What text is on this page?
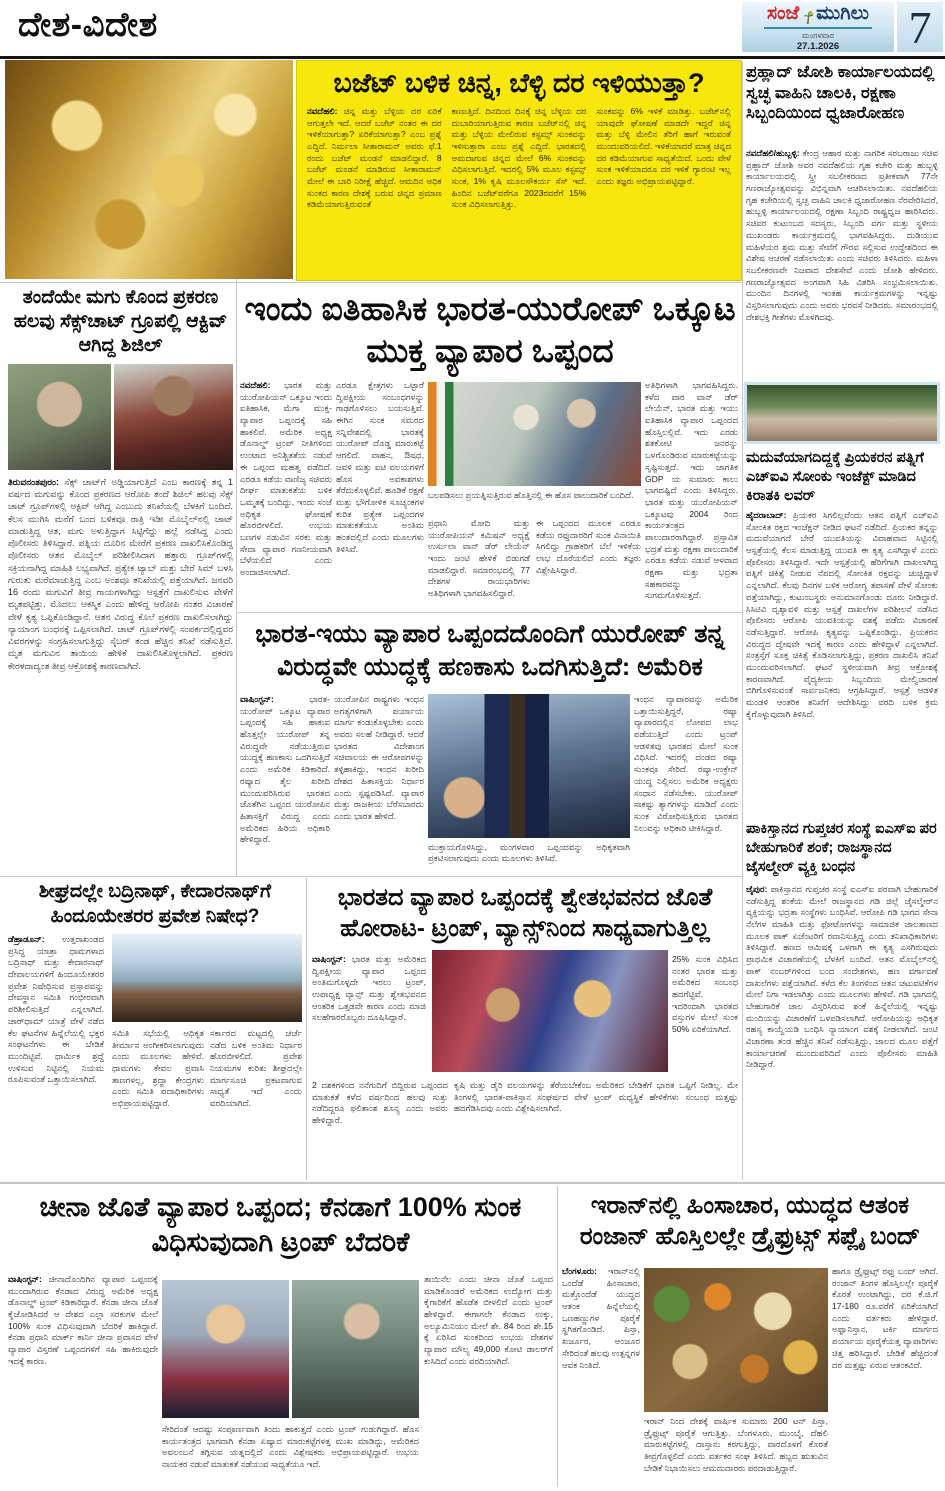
ದೇಶ-ವಿದೇಶ	ಸಂಜೆ ಮುಗಿಲು
ಮಂಗಳವಾರ
27.1.2026 7
ಬಜೆಟ್ ಬಳಿಕ ಚಿನ್ನ, ಬೆಳ್ಳಿ ದರ ಇಳಿಯುತ್ತಾ?
ನವದೆಹಲಿ: ಚಿನ್ನ ಮತ್ತು ಬೆಳ್ಳಿಯ ದರ ಏರಿಕೆ ಆಗುತ್ತಲೇ ಇದೆ. ಆದರೆ ಬಜೆಟ್ ನಂತರ ಈ ದರ ಇಳಿಕೆಯಾಗುತ್ತಾ? ಏರಿಕೆಯಾಗುತ್ತಾ? ಎಂಬ ಪ್ರಶ್ನೆ ಎದ್ದಿದೆ. ನಿರ್ಮಲಾ ಸೀತಾರಾಮನ್ ಅವರು ಫೆ.1 ರಂದು ಬಜೆಟ್ ಮಂಡನೆ ಮಾಡಲಿದ್ದಾರೆ. 8 ಬಜೆಟ್ ಮಂಡನೆ ಮಾಡಿರುವ ಸೀತಾರಾಮನ್ ಮೇಲೆ ಈ ಬಾರಿ ನಿರೀಕ್ಷೆ ಹೆಚ್ಚಿದೆ. ಆಮದಿನ ಅಧಿಕ ಸುಂಕದ ಕಾರಣ ದೇಶಕ್ಕೆ ಬರುವ ಚಿನ್ನದ ಪ್ರಮಾಣ ಕಡಿಮೆಯಾಗುತ್ತಿರುವಂತೆ
ಕಾಣುತ್ತಿದೆ. ದಿನದಿಂದ ದಿನಕ್ಕೆ ಚಿನ್ನ ಬೆಳ್ಳಿಯ ದರ ದುಬಾರಿಯಾಗುತ್ತಿರುವ ಕಾರಣ ಬಜೆಟ್‌ನಲ್ಲಿ ಚಿನ್ನ ಮತ್ತು ಬೆಳ್ಳಿಯ ಮೇಲಿರುವ ಕಸ್ಟಮ್ಸ್ ಸುಂಕವನ್ನು ಇಳಿಸುತ್ತಾರಾ ಎಂಬ ಪ್ರಶ್ನೆ ಎದ್ದಿದೆ. ಭಾರತದಲ್ಲಿ ಆಮದಾಗುವ ಚಿನ್ನದ ಮೇಲೆ 6% ಸುಂಕವನ್ನು ವಿಧಿಸಲಾಗುತ್ತಿದೆ. ಇದರಲ್ಲಿ 5% ಮೂಲ ಕಸ್ಟಮ್ಸ್ ಸುಂಕ, 1% ಕೃಷಿ ಮೂಲಸೌಕರ್ಯ ಸೆಸ್ ಇದೆ. ಹಿಂದಿನ ಬಜೆಟ್‌ವರೆಗೂ 2023ರವರೆಗೆ 15% ಸುಂಕ ವಿಧಿಸಲಾಗುತ್ತಿತ್ತು.
ಸುಂಕವನ್ನು 6% ಇಳಿಕೆ ಮಾಡಿತ್ತು. ಬಜೆಟ್‌ನಲ್ಲಿ ಯಾವುದೇ ಘೋಷಣೆ ಮಾಡದೇ ಇದ್ದರೆ ಚಿನ್ನ ಮತ್ತು ಬೆಳ್ಳಿ ಮೇಲಿನ ತೆರಿಗೆ ಹಾಗೆ ಇರುವಂತೆ ಮುಂದುವರಿಯಲಿದೆ. ಇಳಿಕೆಯಾದರೆ ಮಾತ್ರ ಚಿನ್ನದ ದರ ಕಡಿಮೆಯಾಗುವ ಸಾಧ್ಯತೆಯಿದೆ. ಒಂದು ವೇಳೆ ಸುಂಕ ಇಳಿಕೆಯಾದರೂ ದರ ಇಳಿಕೆ ಗ್ಯಾರಂಟಿ ಇಲ್ಲ ಎಂದು ತಜ್ಞರು ಅಭಿಪ್ರಾಯಪಟ್ಟಿದ್ದಾರೆ.
ಪ್ರಹ್ಲಾದ್ ಜೋಶಿ ಕಾರ್ಯಾಲಯದಲ್ಲಿ ಸ್ವಚ್ಛ ವಾಹಿನಿ ಚಾಲಕಿ, ರಕ್ಷಣಾ ಸಿಬ್ಬಂದಿಯಿಂದ ಧ್ವಜಾರೋಹಣ
ನವದೆಹಲಿ/ಹುಬ್ಬಳ್ಳಿ: ಕೇಂದ್ರ ಆಹಾರ ಮತ್ತು ನಾಗರಿಕ ಸರಬರಾಜು ಸಚಿವ ಪ್ರಹ್ಲಾದ್ ಜೋಶಿ ಅವರ ನವದೆಹಲಿಯ ಗೃಹ ಕಚೇರಿ ಮತ್ತು ಹುಬ್ಬಳ್ಳಿ ಕಾರ್ಯಾಲಯದಲ್ಲಿ ಸ್ತ್ರೀ ಸಬಲೀಕರಣದ ಪ್ರತೀಕವಾಗಿ 77ನೇ ಗಣರಾಜ್ಯೋತ್ಸವವನ್ನು ವಿಭಿನ್ನವಾಗಿ ಆಚರಿಸಲಾಯಿತು. ನವದೆಹಲಿಯ ಗೃಹ ಕಚೇರಿಯಲ್ಲಿ ಸ್ವಚ್ಛ ವಾಹಿನಿ ಚಾಲಕಿ ಧ್ವಜಾರೋಹಣ ನೆರವೇರಿಸಿದರೆ, ಹುಬ್ಬಳ್ಳಿ ಕಾರ್ಯಾಲಯದಲ್ಲಿ ರಕ್ಷಣಾ ಸಿಬ್ಬಂದಿ ರಾಷ್ಟ್ರಧ್ವಜ ಹಾರಿಸಿದರು. ಸಚಿವರ ಕುಟುಂಬದ ಸದಸ್ಯರು, ಸಿಬ್ಬಂದಿ ವರ್ಗ ಮತ್ತು ಸ್ಥಳೀಯ ಮುಖಂಡರು ಕಾರ್ಯಕ್ರಮದಲ್ಲಿ ಭಾಗವಹಿಸಿದ್ದರು. ದುಡಿಯುವ ಮಹಿಳೆಯರ ಶ್ರಮ ಮತ್ತು ಸೇವೆಗೆ ಗೌರವ ಸಲ್ಲಿಸುವ ಉದ್ದೇಶದಿಂದ ಈ ವಿಶೇಷ ಆಚರಣೆ ನಡೆಸಲಾಯಿತು ಎಂದು ಸಚಿವರು ತಿಳಿಸಿದರು. ಮಹಿಳಾ ಸಬಲೀಕರಣವೇ ನಿಜವಾದ ದೇಶಸೇವೆ ಎಂದು ಜೋಶಿ ಹೇಳಿದರು. ಗಣರಾಜ್ಯೋತ್ಸವದ ಅಂಗವಾಗಿ ಸಿಹಿ ವಿತರಿಸಿ ಸಂಭ್ರಮಿಸಲಾಯಿತು. ಮುಂದಿನ ದಿನಗಳಲ್ಲಿ ಇಂತಹ ಕಾರ್ಯಕ್ರಮಗಳನ್ನು ಇನ್ನಷ್ಟು ವಿಸ್ತರಿಸಲಾಗುವುದು ಎಂದು ಅವರು ಭರವಸೆ ನೀಡಿದರು. ಸಮಾರಂಭದಲ್ಲಿ ದೇಶಭಕ್ತಿ ಗೀತೆಗಳು ಮೊಳಗಿದವು.
ಮದುವೆಯಾಗದಿದ್ದಕ್ಕೆ ಪ್ರಿಯಕರನ ಪತ್ನಿಗೆ ಎಚ್‌ಐವಿ ಸೋಂಕು ಇಂಜೆಕ್ಟ್ ಮಾಡಿದ ಕಿರಾತಕಿ ಲವರ್
ಹೈದರಾಬಾದ್: ಪ್ರಿಯಕರ ಸಿಗಲಿಲ್ಲವೆಂದು ಆತನ ಪತ್ನಿಗೆ ಎಚ್‌ಐವಿ ಸೋಂಕಿತ ರಕ್ತದ ಇಂಜೆಕ್ಷನ್ ನೀಡಿದ ಘಟನೆ ನಡೆದಿದೆ. ಪ್ರಿಯಕರ ತನ್ನನ್ನು ಮದುವೆಯಾಗದೆ ಬೇರೆ ಯುವತಿಯನ್ನು ವಿವಾಹವಾದ ಸಿಟ್ಟಿನಲ್ಲಿ ಆಸ್ಪತ್ರೆಯಲ್ಲಿ ಕೆಲಸ ಮಾಡುತ್ತಿದ್ದ ಯುವತಿ ಈ ಕೃತ್ಯ ಎಸಗಿದ್ದಾಳೆ ಎಂದು ಪೊಲೀಸರು ತಿಳಿಸಿದ್ದಾರೆ. ಇದೇ ಆಸ್ಪತ್ರೆಯಲ್ಲಿ ಹೆರಿಗೆಗಾಗಿ ದಾಖಲಾಗಿದ್ದ ಪತ್ನಿಗೆ ಚಿಕಿತ್ಸೆ ನೀಡುವ ನೆಪದಲ್ಲಿ ಸೋಂಕಿತ ರಕ್ತವನ್ನು ಚುಚ್ಚಿದ್ದಾಳೆ ಎನ್ನಲಾಗಿದೆ. ಕೆಲವು ದಿನಗಳ ಬಳಿಕ ಆರೋಗ್ಯ ತಪಾಸಣೆ ವೇಳೆ ಸೋಂಕು ಪತ್ತೆಯಾಗಿದ್ದು, ಕುಟುಂಬಸ್ಥರು ಅನುಮಾನಗೊಂಡು ದೂರು ನೀಡಿದ್ದಾರೆ. ಸಿಸಿಟಿವಿ ದೃಶ್ಯಾವಳಿ ಮತ್ತು ಆಸ್ಪತ್ರೆ ದಾಖಲೆಗಳ ಪರಿಶೀಲನೆ ನಡೆಸಿದ ಪೊಲೀಸರು ಆರೋಪಿ ಯುವತಿಯನ್ನು ವಶಕ್ಕೆ ಪಡೆದು ವಿಚಾರಣೆ ನಡೆಸುತ್ತಿದ್ದಾರೆ. ಆರೋಪಿ ಕೃತ್ಯವನ್ನು ಒಪ್ಪಿಕೊಂಡಿದ್ದು, ಪ್ರಿಯಕರನ ವಿರುದ್ಧದ ದ್ವೇಷವೇ ಇದಕ್ಕೆ ಕಾರಣ ಎಂದು ಹೇಳಿದ್ದಾಳೆ ಎನ್ನಲಾಗಿದೆ. ಸಂತ್ರಸ್ತೆಗೆ ಸೂಕ್ತ ಚಿಕಿತ್ಸೆ ಕೊಡಿಸಲಾಗುತ್ತಿದ್ದು, ಪ್ರಕರಣ ದಾಖಲಿಸಿ ತನಿಖೆ ಮುಂದುವರಿಸಲಾಗಿದೆ. ಘಟನೆ ಸ್ಥಳೀಯವಾಗಿ ತೀವ್ರ ಆಕ್ರೋಶಕ್ಕೆ ಕಾರಣವಾಗಿದೆ. ವೈದ್ಯಕೀಯ ಸಿಬ್ಬಂದಿಯ ಮೇಲ್ವಿಚಾರಣೆ ಬಿಗಿಗೊಳಿಸುವಂತೆ ಸಾರ್ವಜನಿಕರು ಆಗ್ರಹಿಸಿದ್ದಾರೆ. ಆಸ್ಪತ್ರೆ ಆಡಳಿತ ಮಂಡಳಿ ಆಂತರಿಕ ತನಿಖೆಗೆ ಆದೇಶಿಸಿದ್ದು ವರದಿ ಬಳಿಕ ಕ್ರಮ ಕೈಗೊಳ್ಳುವುದಾಗಿ ತಿಳಿಸಿದೆ.
ಪಾಕಿಸ್ತಾನದ ಗುಪ್ತಚರ ಸಂಸ್ಥೆ ಐಎಸ್‌ಐ ಪರ ಬೇಹುಗಾರಿಕೆ ಶಂಕೆ; ರಾಜಸ್ಥಾನದ ಜೈಸಲ್ಮೇರ್ ವ್ಯಕ್ತಿ ಬಂಧನ
ಜೈಪುರ: ಪಾಕಿಸ್ತಾನದ ಗುಪ್ತಚರ ಸಂಸ್ಥೆ ಐಎಸ್‌ಐ ಪರವಾಗಿ ಬೇಹುಗಾರಿಕೆ ನಡೆಸುತ್ತಿದ್ದ ಶಂಕೆಯ ಮೇಲೆ ರಾಜಸ್ಥಾನದ ಗಡಿ ಜಿಲ್ಲೆ ಜೈಸಲ್ಮೇರ್‌ನ ವ್ಯಕ್ತಿಯನ್ನು ಭದ್ರತಾ ಸಂಸ್ಥೆಗಳು ಬಂಧಿಸಿವೆ. ಆರೋಪಿ ಗಡಿ ಭಾಗದ ಸೇನಾ ನೆಲೆಗಳ ಮಾಹಿತಿ ಮತ್ತು ಫೋಟೋಗಳನ್ನು ಸಾಮಾಜಿಕ ಜಾಲತಾಣದ ಮೂಲಕ ಪಾಕ್ ಏಜೆಂಟರಿಗೆ ರವಾನಿಸುತ್ತಿದ್ದ ಎಂದು ತನಿಖಾಧಿಕಾರಿಗಳು ತಿಳಿಸಿದ್ದಾರೆ. ಹಣದ ಆಮಿಷಕ್ಕೆ ಒಳಗಾಗಿ ಈ ಕೃತ್ಯ ಎಸಗಿರುವುದು ಪ್ರಾಥಮಿಕ ವಿಚಾರಣೆಯಲ್ಲಿ ಬೆಳಕಿಗೆ ಬಂದಿದೆ. ಆತನ ಮೊಬೈಲ್‌ನಲ್ಲಿ ಪಾಕ್ ನಂಬರ್‌ಗಳಿಂದ ಬಂದ ಸಂದೇಶಗಳು, ಹಣ ವರ್ಗಾವಣೆ ದಾಖಲೆಗಳು ಪತ್ತೆಯಾಗಿವೆ. ಕಳೆದ ಕೆಲ ತಿಂಗಳಿಂದ ಆತನ ಚಟುವಟಿಕೆಗಳ ಮೇಲೆ ನಿಗಾ ಇಡಲಾಗಿತ್ತು ಎಂದು ಮೂಲಗಳು ಹೇಳಿವೆ. ಗಡಿ ಭಾಗದಲ್ಲಿ ಬೇಹುಗಾರಿಕೆ ಜಾಲ ವಿಸ್ತರಿಸಿರುವ ಶಂಕೆ ಹಿನ್ನೆಲೆಯಲ್ಲಿ ಇನ್ನಷ್ಟು ಮಂದಿಯನ್ನು ವಿಚಾರಣೆಗೆ ಒಳಪಡಿಸಲಾಗಿದೆ. ಆರೋಪಿಯನ್ನು ಅಧಿಕೃತ ರಹಸ್ಯ ಕಾಯ್ದೆಯಡಿ ಬಂಧಿಸಿ ನ್ಯಾಯಾಂಗ ವಶಕ್ಕೆ ನೀಡಲಾಗಿದೆ. ಜಂಟಿ ವಿಚಾರಣಾ ತಂಡ ಹೆಚ್ಚಿನ ತನಿಖೆ ನಡೆಸುತ್ತಿದ್ದು, ಜಾಲದ ಮೂಲ ಪತ್ತೆಗೆ ಕಾರ್ಯಾಚರಣೆ ಮುಂದುವರಿದಿದೆ ಎಂದು ಪೊಲೀಸರು ಮಾಹಿತಿ ನೀಡಿದ್ದಾರೆ.
ತಂದೆಯೇ ಮಗು ಕೊಂದ ಪ್ರಕರಣ ಹಲವು ಸೆಕ್ಸ್‌ಚಾಟ್ ಗ್ರೂಪಲ್ಲಿ ಆಕ್ಟಿವ್ ಆಗಿದ್ದ ಶಿಜಿಲ್
ತಿರುವನಂತಪುರಂ: ಸೆಕ್ಸ್ ಚಾಟ್‌ಗೆ ಅಡ್ಡಿಯಾಗುತ್ತಿದೆ ಎಂಬ ಕಾರಣಕ್ಕೆ ತನ್ನ 1 ವರ್ಷದ ಮಗುವನ್ನು ಕೊಂದ ಪ್ರಕರಣದ ಆರೋಪಿ ತಂದೆ ಶಿಜಿಲ್ ಹಲವು ಸೆಕ್ಸ್ ಚಾಟ್ ಗ್ರೂಪ್‌ಗಳಲ್ಲಿ ಆಕ್ಟಿವ್ ಆಗಿದ್ದ ಎಂಬುದು ತನಿಖೆಯಲ್ಲಿ ಬೆಳಕಿಗೆ ಬಂದಿದೆ. ಕೆಲಸ ಮುಗಿಸಿ ಮನೆಗೆ ಬಂದ ಬಳಿಕವೂ ರಾತ್ರಿ ಇಡೀ ಮೊಬೈಲ್‌ನಲ್ಲಿ ಚಾಟ್ ಮಾಡುತ್ತಿದ್ದ ಆತ, ಮಗು ಅಳುತ್ತಿದ್ದಾಗ ಸಿಟ್ಟಿಗೆದ್ದು ಹಲ್ಲೆ ನಡೆಸಿದ್ದ ಎಂದು ಪೊಲೀಸರು ತಿಳಿಸಿದ್ದಾರೆ. ಪತ್ನಿಯ ದೂರಿನ ಮೇರೆಗೆ ಪ್ರಕರಣ ದಾಖಲಿಸಿಕೊಂಡಿದ್ದ ಪೊಲೀಸರು ಆತನ ಮೊಬೈಲ್ ಪರಿಶೀಲಿಸಿದಾಗ ಹತ್ತಾರು ಗ್ರೂಪ್‌ಗಳಲ್ಲಿ ಸಕ್ರಿಯನಾಗಿದ್ದ ಮಾಹಿತಿ ಲಭ್ಯವಾಗಿದೆ. ಪ್ರತ್ಯೇಕ ಟ್ಯಾಬ್ ಮತ್ತು ಬೇರೆ ಸಿಮ್ ಬಳಸಿ ಗುರುತು ಮರೆಮಾಚುತ್ತಿದ್ದ ಎಂಬ ಅಂಶವೂ ತನಿಖೆಯಲ್ಲಿ ಪತ್ತೆಯಾಗಿದೆ. ಜನವರಿ 16 ರಂದು ಮಗುವಿಗೆ ತೀವ್ರ ಗಾಯಗಳಾಗಿದ್ದು ಆಸ್ಪತ್ರೆಗೆ ದಾಖಲಿಸುವ ವೇಳೆಗೆ ಮೃತಪಟ್ಟಿತ್ತು. ಮೊದಲು ಆಕಸ್ಮಿಕ ಎಂದು ಹೇಳಿದ್ದ ಆರೋಪಿ ನಂತರ ವಿಚಾರಣೆ ವೇಳೆ ಕೃತ್ಯ ಒಪ್ಪಿಕೊಂಡಿದ್ದಾನೆ. ಆತನ ವಿರುದ್ಧ ಕೊಲೆ ಪ್ರಕರಣ ದಾಖಲಿಸಲಾಗಿದ್ದು ನ್ಯಾಯಾಂಗ ಬಂಧನಕ್ಕೆ ಒಪ್ಪಿಸಲಾಗಿದೆ. ಚಾಟ್ ಗ್ರೂಪ್‌ಗಳಲ್ಲಿ ಸಂಪರ್ಕದಲ್ಲಿದ್ದವರ ವಿವರಗಳನ್ನು ಸಂಗ್ರಹಿಸಲಾಗುತ್ತಿದ್ದು ಸೈಬರ್ ತಂಡ ಹೆಚ್ಚಿನ ತನಿಖೆ ನಡೆಸುತ್ತಿದೆ. ಮೃತ ಮಗುವಿನ ತಾಯಿಯ ಹೇಳಿಕೆ ದಾಖಲಿಸಿಕೊಳ್ಳಲಾಗಿದೆ. ಪ್ರಕರಣ ಕೇರಳದಾದ್ಯಂತ ತೀವ್ರ ಆಕ್ರೋಶಕ್ಕೆ ಕಾರಣವಾಗಿದೆ.
ಇಂದು ಐತಿಹಾಸಿಕ ಭಾರತ-ಯುರೋಪ್ ಒಕ್ಕೂಟ ಮುಕ್ತ ವ್ಯಾಪಾರ ಒಪ್ಪಂದ
ನವದೆಹಲಿ: ಭಾರತ ಮತ್ತು ಯುರೋಪಿಯನ್ ಒಕ್ಕೂಟ ಇಂದು ಐತಿಹಾಸಿಕ, ಮೆಗಾ ಮುಕ್ತ-ವ್ಯಾಪಾರ ಒಪ್ಪಂದಕ್ಕೆ ಸಹಿ ಹಾಕಲಿವೆ. ಅಮೆರಿಕ ಅಧ್ಯಕ್ಷ ಡೊನಾಲ್ಡ್ ಟ್ರಂಪ್ ನೀತಿಗಳಿಂದ ಉಂಟಾದ ಅನಿಶ್ಚಿತತೆಯ ನಡುವೆ ಈ ಒಪ್ಪಂದ ಮಹತ್ವ ಪಡೆದಿದೆ. ಎರಡೂ ಕಡೆಯ ವಾಣಿಜ್ಯ ಸಚಿವರು ದೀರ್ಘ ಮಾತುಕತೆಯ ಬಳಿಕ ಒಮ್ಮತಕ್ಕೆ ಬಂದಿದ್ದು, ಇಂದು ಸಂಜೆ ಅಧಿಕೃತ ಘೋಷಣೆ ಹೊರಬೀಳಲಿದೆ. ಉಭಯ ಬಣಗಳ ನಡುವಿನ ಸರಕು ಮತ್ತು ಸೇವಾ ವ್ಯಾಪಾರ ಗಣನೀಯವಾಗಿ ಬೆಳೆಯಲಿದೆ ಎಂದು ಅಂದಾಜಿಸಲಾಗಿದೆ.
ಎರಡೂ ಕ್ಷೇತ್ರಗಳು ಒಟ್ಟಾರೆ ದ್ವಿಪಕ್ಷೀಯ ಸಂಬಂಧಗಳನ್ನು ಗಾಢಗೊಳಿಸಲು ಬಯಸುತ್ತಿವೆ. ಈಗಿನ ಸುಂಕ ಸಮರದ ಸನ್ನಿವೇಶದಲ್ಲಿ ಭಾರತಕ್ಕೆ ಯುರೋಪ್ ದೊಡ್ಡ ಮಾರುಕಟ್ಟೆ ಆಗಲಿದೆ. ವಾಹನ, ಔಷಧ, ಜವಳಿ ಮತ್ತು ಐಟಿ ವಲಯಗಳಿಗೆ ಹೊಸ ಅವಕಾಶಗಳು ತೆರೆದುಕೊಳ್ಳಲಿವೆ. ಹೂಡಿಕೆ ರಕ್ಷಣೆ ಮತ್ತು ಭೌಗೋಳಿಕ ಸೂಚ್ಯಂಕಗಳ ಕುರಿತ ಪ್ರತ್ಯೇಕ ಒಪ್ಪಂದಗಳ ಮಾತುಕತೆಯೂ ಅಂತಿಮ ಹಂತದಲ್ಲಿದೆ ಎಂದು ಮೂಲಗಳು ತಿಳಿಸಿವೆ.
ಬಲಪಡಿಸಲು ಪ್ರಯತ್ನಿಸುತ್ತಿರುವ ಹೊತ್ತಿನಲ್ಲಿ ಈ ಹೊಸ ಪಾಲುದಾರಿಕೆ ಬಂದಿದೆ.
ಪ್ರಧಾನಿ ಮೋದಿ ಮತ್ತು ಯುರೋಪಿಯನ್ ಕಮಿಷನ್ ಅಧ್ಯಕ್ಷೆ ಉರ್ಸುಲಾ ವಾನ್ ಡೆರ್ ಲೇಯೆನ್ ಇಂದು ಜಂಟಿ ಹೇಳಿಕೆ ಬಿಡುಗಡೆ ಮಾಡಲಿದ್ದಾರೆ. ಸಮಾರಂಭದಲ್ಲಿ 77 ದೇಶಗಳ ರಾಯಭಾರಿಗಳು ಅತಿಥಿಗಳಾಗಿ ಭಾಗವಹಿಸಲಿದ್ದಾರೆ.
ಈ ಒಪ್ಪಂದದ ಮೂಲಕ ಎರಡೂ ಕಡೆಯ ರಫ್ತುದಾರರಿಗೆ ಸುಂಕ ವಿನಾಯಿತಿ ಸಿಗಲಿದ್ದು ಗ್ರಾಹಕರಿಗೆ ಬೆಲೆ ಇಳಿಕೆಯ ಲಾಭ ದೊರೆಯಲಿದೆ ಎಂದು ತಜ್ಞರು ವಿಶ್ಲೇಷಿಸಿದ್ದಾರೆ.
ಅತಿಥಿಗಳಾಗಿ ಭಾಗವಹಿಸಿದ್ದರು. ಕಳೆದ ವಾರ ವಾನ್ ಡೆರ್ ಲೇಯೆನ್, ಭಾರತ ಮತ್ತು ಇಯು ಐತಿಹಾಸಿಕ ವ್ಯಾಪಾರ ಒಪ್ಪಂದದ ಹೊಸ್ತಿಲಲ್ಲಿವೆ. ಇದು ಎರಡು ಶತಕೋಟಿ ಜನರನ್ನು ಒಳಗೊಂಡಿರುವ ಮಾರುಕಟ್ಟೆಯನ್ನು ಸೃಷ್ಟಿಸುತ್ತದೆ. ಇದು ಜಾಗತಿಕ GDP ಯ ಸುಮಾರು ಕಾಲು ಭಾಗದಷ್ಟಿದೆ ಎಂದು ತಿಳಿಸಿದ್ದರು. ಭಾರತ ಮತ್ತು ಯುರೋಪಿಯನ್ ಒಕ್ಕೂಟವು 2004 ರಿಂದ ಕಾರ್ಯತಂತ್ರದ ಪಾಲುದಾರರಾಗಿದ್ದಾರೆ. ಪ್ರಸ್ತಾವಿತ ಭದ್ರತೆ ಮತ್ತು ರಕ್ಷಣಾ ಪಾಲುದಾರಿಕೆ ಎರಡೂ ಕಡೆಯ ನಡುವೆ ಆಳವಾದ ರಕ್ಷಣಾ ಮತ್ತು ಭದ್ರತಾ ಸಹಕಾರವನ್ನು ಸುಗಮಗೊಳಿಸುತ್ತದೆ.
ಭಾರತ-ಇಯು ವ್ಯಾಪಾರ ಒಪ್ಪಂದದೊಂದಿಗೆ ಯುರೋಪ್ ತನ್ನ ವಿರುದ್ಧವೇ ಯುದ್ಧಕ್ಕೆ ಹಣಕಾಸು ಒದಗಿಸುತ್ತಿದೆ: ಅಮೆರಿಕ
ವಾಷಿಂಗ್ಟನ್:	ಭಾರತ-ಯುರೋಪ್ ಒಕ್ಕೂಟ ವ್ಯಾಪಾರ ಒಪ್ಪಂದಕ್ಕೆ ಸಹಿ ಹಾಕುವ ಹೊತ್ತಲ್ಲೇ ಯುರೋಪ್ ತನ್ನ ವಿರುದ್ಧವೇ ನಡೆಯುತ್ತಿರುವ ಯುದ್ಧಕ್ಕೆ ಹಣಕಾಸು ಒದಗಿಸುತ್ತಿದೆ ಎಂದು ಅಮೆರಿಕ ಕಿಡಿಕಾರಿದೆ. ರಷ್ಯಾದ ತೈಲ ಖರೀದಿ ಮುಂದುವರಿಸಿರುವ ಭಾರತದ ಜೊತೆಗಿನ ಒಪ್ಪಂದ ಯುರೋಪಿನ ಹಿತಾಸಕ್ತಿಗೆ ವಿರುದ್ಧ ಎಂದು ಅಮೆರಿಕದ ಹಿರಿಯ ಅಧಿಕಾರಿ ಹೇಳಿದ್ದಾರೆ.
ಯುರೋಪಿನ ರಾಷ್ಟ್ರಗಳು ಇಂಧನ ಅಗತ್ಯಗಳಿಗಾಗಿ ಪರ್ಯಾಯ ಮಾರ್ಗ ಕಂಡುಕೊಳ್ಳಬೇಕು ಎಂದು ಅವರು ಸಲಹೆ ನೀಡಿದ್ದಾರೆ. ಆದರೆ ಭಾರತದ ವಿದೇಶಾಂಗ ಸಚಿವಾಲಯ ಈ ಆರೋಪಗಳನ್ನು ತಳ್ಳಿಹಾಕಿದ್ದು, ಇಂಧನ ಖರೀದಿ ದೇಶದ ಹಿತಾಸಕ್ತಿಯ ನಿರ್ಧಾರ ಎಂದು ಸ್ಪಷ್ಟಪಡಿಸಿದೆ. ವ್ಯಾಪಾರ ಮತ್ತು ರಾಜಕೀಯ ಬೆರೆಸಬಾರದು ಎಂದು ಭಾರತ ಹೇಳಿದೆ.
ಮುಕ್ತಾಯಗೊಳಿಸಿದ್ದು, ಮಂಗಳವಾರ ಒಪ್ಪಂದವನ್ನು ಅಧಿಕೃತವಾಗಿ ಪ್ರಕಟಿಸಲಾಗುವುದು ಎಂದು ಮೂಲಗಳು ತಿಳಿಸಿವೆ.
ಇಂಧನ ವ್ಯಾಪಾರವನ್ನು ಅಮೆರಿಕ ಒತ್ತಾಯಿಸುತ್ತಿದ್ದರೆ, ರಷ್ಯಾ ವ್ಯಾಪಾರದಲ್ಲಿನ ಲೋಪದ ಲಾಭ ಪಡೆಯುತ್ತಿದೆ ಎಂದು ಟ್ರಂಪ್ ಆಡಳಿತವು ಭಾರತದ ಮೇಲೆ ಸುಂಕ ವಿಧಿಸಿದೆ. ಇದರಲ್ಲಿ ದಂಡದ ರಷ್ಯಾ ಸುಂಕವೂ ಸೇರಿದೆ. ರಷ್ಯಾ-ಉಕ್ರೇನ್ ಯುದ್ಧ ನಿಲ್ಲಿಸಲು ಅಮೆರಿಕ ಅಧ್ಯಕ್ಷರು ಸಂಧಾನ ನಡೆಸಬೇಕು. ಯುರೋಪ್ ಸಾಕಷ್ಟು ತ್ಯಾಗಗಳನ್ನು ಮಾಡಿದೆ ಎಂದು ಸುಂಕ ವಿರೋಧಿಸುತ್ತಿರುವ ಭಾರತದ ನಿಲುವನ್ನು ಅಧಿಕಾರಿ ಟೀಕಿಸಿದ್ದಾರೆ.
ಶೀಘ್ರದಲ್ಲೇ ಬದ್ರಿನಾಥ್, ಕೇದಾರನಾಥ್‌ಗೆ ಹಿಂದೂಯೇತರರ ಪ್ರವೇಶ ನಿಷೇಧ?
ಡೆಹ್ರಾಡೂನ್: ಉತ್ತರಾಖಂಡದ ಪ್ರಸಿದ್ಧ ಯಾತ್ರಾ ಧಾಮಗಳಾದ ಬದ್ರಿನಾಥ್ ಮತ್ತು ಕೇದಾರನಾಥ್ ದೇವಾಲಯಗಳಿಗೆ ಹಿಂದೂಯೇತರರ ಪ್ರವೇಶ ನಿಷೇಧಿಸುವ ಪ್ರಸ್ತಾಪವನ್ನು ದೇವಸ್ಥಾನ ಸಮಿತಿ ಗಂಭೀರವಾಗಿ ಪರಿಶೀಲಿಸುತ್ತಿದೆ ಎನ್ನಲಾಗಿದೆ. ಚಾರ್‌ಧಾಮ್ ಯಾತ್ರೆ ವೇಳೆ ನಡೆದ ಕೆಲ ಘಟನೆಗಳ ಹಿನ್ನೆಲೆಯಲ್ಲಿ ಭಕ್ತರ ಸಂಘಟನೆಗಳು ಈ ಬೇಡಿಕೆ ಮುಂದಿಟ್ಟಿವೆ. ಧಾರ್ಮಿಕ ಶ್ರದ್ಧೆ ಉಳಿಸುವ ನಿಟ್ಟಿನಲ್ಲಿ ನಿಯಮ ರೂಪಿಸುವಂತೆ ಒತ್ತಾಯಿಸಲಾಗಿದೆ.
ಸಮಿತಿ ಸಭೆಯಲ್ಲಿ ಅಧಿಕೃತ ತೀರ್ಮಾನ ಅಂಗೀಕರಿಸಲಾಗುವುದು ಎಂದು ಮೂಲಗಳು ಹೇಳಿವೆ. ಧಾಮಗಳು ಕೇವಲ ಪ್ರವಾಸಿ ತಾಣಗಳಲ್ಲ, ಶ್ರದ್ಧಾ ಕೇಂದ್ರಗಳು ಎಂದು ಸಮಿತಿ ಪದಾಧಿಕಾರಿಗಳು ಅಭಿಪ್ರಾಯಪಟ್ಟಿದ್ದಾರೆ.
ಸರ್ಕಾರದ ಮಟ್ಟದಲ್ಲಿ ಚರ್ಚೆ ನಡೆದ ಬಳಿಕ ಅಂತಿಮ ನಿರ್ಧಾರ ಹೊರಬೀಳಲಿದೆ. ಪ್ರವೇಶ ನಿಯಮಗಳ ಕುರಿತು ಶೀಘ್ರದಲ್ಲೇ ಮಾರ್ಗಸೂಚಿ ಪ್ರಕಟವಾಗುವ ಸಾಧ್ಯತೆ ಇದೆ ಎಂದು ವರದಿಯಾಗಿದೆ.
ಭಾರತದ ವ್ಯಾಪಾರ ಒಪ್ಪಂದಕ್ಕೆ ಶ್ವೇತಭವನದ ಜೊತೆ ಹೋರಾಟ- ಟ್ರಂಪ್, ವ್ಯಾನ್ಸ್‌ನಿಂದ ಸಾಧ್ಯವಾಗುತ್ತಿಲ್ಲ
ವಾಷಿಂಗ್ಟನ್: ಭಾರತ ಮತ್ತು ಅಮೆರಿಕದ ದ್ವಿಪಕ್ಷೀಯ ವ್ಯಾಪಾರ ಒಪ್ಪಂದ ಅಂತಿಮಗೊಳ್ಳದೇ ಇರಲು ಟ್ರಂಪ್, ಉಪಾಧ್ಯಕ್ಷ ವ್ಯಾನ್ಸ್ ಮತ್ತು ಶ್ವೇತಭವನದ ಆಂತರಿಕ ಒತ್ತಡವೇ ಕಾರಣ ಎಂದು ಮಾಜಿ ಸಲಹೆಗಾರರೊಬ್ಬರು ದೂಷಿಸಿದ್ದಾರೆ.
25% ಸುಂಕ ವಿಧಿಸಿದ ನಂತರ ಭಾರತ ಮತ್ತು ಅಮೆರಿಕದ ಸಂಬಂಧ ಹದಗೆಟ್ಟಿವೆ. ಇದರಿಂದಾಗಿ ಭಾರತದ ವಸ್ತುಗಳ ಮೇಲೆ ಸುಂಕ 50% ಏರಿಕೆಯಾಗಿದೆ.
2 ದಶಕಗಳಿಂದ ನನೆಗುದಿಗೆ ಬಿದ್ದಿರುವ ಒಪ್ಪಂದದ ಮಾತುಕತೆ ಕಳೆದ ವರ್ಷದಿಂದ ಹಲವು ಸುತ್ತು ನಡೆದಿದ್ದರೂ ಫಲಿತಾಂಶ ಶೂನ್ಯ ಎಂದು ಅವರು ಹೇಳಿದ್ದಾರೆ.
ಕೃಷಿ ಮತ್ತು ಡೈರಿ ವಲಯಗಳನ್ನು ತೆರೆಯಬೇಕೆಂಬ ಅಮೆರಿಕದ ಬೇಡಿಕೆಗೆ ಭಾರತ ಒಪ್ಪಿಗೆ ನೀಡಿಲ್ಲ. ಮೇ ತಿಂಗಳಲ್ಲಿ ಭಾರತ-ಪಾಕಿಸ್ತಾನ ಸಂಘರ್ಷದ ವೇಳೆ ಟ್ರಂಪ್ ಮಧ್ಯಸ್ಥಿಕೆ ಹೇಳಿಕೆಗಳು ಸಂಬಂಧ ಮತ್ತಷ್ಟು ಹದಗೆಡಿಸಿದವು ಎಂದು ವಿಶ್ಲೇಷಿಸಲಾಗಿದೆ.
ಚೀನಾ ಜೊತೆ ವ್ಯಾಪಾರ ಒಪ್ಪಂದ; ಕೆನಡಾಗೆ 100% ಸುಂಕ ವಿಧಿಸುವುದಾಗಿ ಟ್ರಂಪ್ ಬೆದರಿಕೆ
ವಾಷಿಂಗ್ಟನ್: ಚೀನಾದೊಂದಿಗಿನ ವ್ಯಾಪಾರ ಒಪ್ಪಂದಕ್ಕೆ ಮುಂದಾಗಿರುವ ಕೆನಡಾದ ವಿರುದ್ಧ ಅಮೆರಿಕ ಅಧ್ಯಕ್ಷ ಡೊನಾಲ್ಡ್ ಟ್ರಂಪ್ ಕಿಡಿಕಾರಿದ್ದಾರೆ. ಕೆನಡಾ ಚೀನಾ ಜೊತೆ ಕೈಜೋಡಿಸಿದರೆ ಆ ದೇಶದ ಎಲ್ಲಾ ಸರಕುಗಳ ಮೇಲೆ 100% ಸುಂಕ ವಿಧಿಸುವುದಾಗಿ ಬೆದರಿಕೆ ಹಾಕಿದ್ದಾರೆ. ಕೆನಡಾ ಪ್ರಧಾನಿ ಮಾರ್ಕ್ ಕಾರ್ನಿ ಚೀನಾ ಪ್ರವಾಸದ ವೇಳೆ ವ್ಯಾಪಾರ ವಿಸ್ತರಣೆ ಒಪ್ಪಂದಗಳಿಗೆ ಸಹಿ ಹಾಕಿರುವುದೇ ಇದಕ್ಕೆ ಕಾರಣ.
ತಾಯಿನೆಲ ಎಂದು ಚೀನಾ ಜೊತೆ ಒಪ್ಪಂದ ಮಾಡಿಕೊಂಡರೆ ಅಮೆರಿಕದ ಉದ್ಯೋಗ ಮತ್ತು ಕೈಗಾರಿಕೆಗೆ ಹೊಡೆತ ಬೀಳಲಿದೆ ಎಂದು ಟ್ರಂಪ್ ಹೇಳಿದ್ದಾರೆ. ಈಗಾಗಲೇ ಕೆನಡಾದ ಉಕ್ಕು, ಅಲ್ಯೂಮಿನಿಯಂ ಮೇಲೆ ಶೇ. 84 ರಿಂದ ಶೇ.15 ಕ್ಕೆ ಏರಿಸಿದ ಸುಂಕದಿಂದ ಉಭಯ ದೇಶಗಳ ವ್ಯಾಪಾರ ಮೌಲ್ಯ 49,000 ಕೋಟಿ ಡಾಲರ್‌ಗೆ ಕುಸಿದಿದೆ ಎಂದು ವರದಿಯಾಗಿದೆ.
ಸೇರಿದಂತೆ ಆದಷ್ಟು ಸಂಪೂರ್ಣವಾಗಿ ತಿಂದು ಹಾಕುತ್ತದೆ ಎಂದು ಟ್ರಂಪ್ ಗುಡುಗಿದ್ದಾರೆ. ಹೊಸ ಕಾರ್ಯತಂತ್ರದ ಭಾಗವಾಗಿ ಕೆನಡಾ ಏಷ್ಯಾದ ಮಾರುಕಟ್ಟೆಗಳತ್ತ ಮುಖ ಮಾಡಿದ್ದು, ಅಮೆರಿಕದ ಅವಲಂಬನೆ ತಗ್ಗಿಸುವ ಯತ್ನದಲ್ಲಿದೆ ಎಂದು ವಿಶ್ಲೇಷಕರು ಅಭಿಪ್ರಾಯಪಟ್ಟಿದ್ದಾರೆ. ಉಭಯ ನಾಯಕರ ನಡುವೆ ಮಾತುಕತೆ ನಡೆಯುವ ಸಾಧ್ಯತೆಯೂ ಇದೆ.
ಇರಾನ್‌ನಲ್ಲಿ ಹಿಂಸಾಚಾರ, ಯುದ್ಧದ ಆತಂಕ ರಂಜಾನ್ ಹೊಸ್ತಿಲಲ್ಲೇ ಡ್ರೈಫ್ರುಟ್ಸ್ ಸಪ್ಲೈ ಬಂದ್
ಬೆಂಗಳೂರು: ಇರಾನ್‌ನಲ್ಲಿ ಒಂದೆಡೆ ಹಿಂಸಾಚಾರ, ಮತ್ತೊಂದೆಡೆ ಯುದ್ಧದ ಆತಂಕ ಹಿನ್ನೆಲೆಯಲ್ಲಿ ಒಣಹಣ್ಣುಗಳ ಪೂರೈಕೆ ಸ್ಥಗಿತಗೊಂಡಿದೆ. ಪಿಸ್ತಾ, ಖರ್ಜೂರ, ಅಂಜೂರ ಸೇರಿದಂತೆ ಹಲವು ಉತ್ಪನ್ನಗಳ ಆವಕ ನಿಂತಿದೆ.
ಹಾಗೂ ಡ್ರೈಫ್ರುಟ್ಸ್ ರಫ್ತು ಬಂದ್ ಆಗಿದೆ. ರಂಜಾನ್ ತಿಂಗಳ ಹೊಸ್ತಿಲಲ್ಲೇ ಪೂರೈಕೆ ಕೊರತೆ ಉಂಟಾಗಿದ್ದು, ದರ ಕೆ.ಜಿ.ಗೆ 17-180 ರೂ.ವರೆಗೆ ಏರಿಕೆಯಾಗಿದೆ ಎಂದು ವರ್ತಕರು ಹೇಳಿದ್ದಾರೆ. ಅಫ್ಘಾನಿಸ್ತಾನ, ಟರ್ಕಿ ಮಾರ್ಗದ ಪರ್ಯಾಯ ಪೂರೈಕೆಯತ್ತ ವ್ಯಾಪಾರಿಗಳು ಚಿತ್ತ ಹರಿಸಿದ್ದಾರೆ. ಬೇಡಿಕೆ ಹೆಚ್ಚಿದಂತೆ ದರ ಮತ್ತಷ್ಟು ಏರುವ ಆತಂಕವಿದೆ.
ಇರಾನ್ ನಿಂದ ದೇಶಕ್ಕೆ ವಾರ್ಷಿಕ ಸುಮಾರು 200 ಟನ್ ಪಿಸ್ತಾ, ಡ್ರೈಫ್ರುಟ್ಸ್ ಪೂರೈಕೆ ಆಗುತ್ತಿತ್ತು. ಬೆಂಗಳೂರು, ಮುಂಬೈ, ದೆಹಲಿ ಮಾರುಕಟ್ಟೆಗಳಲ್ಲಿ ದಾಸ್ತಾನು ಕರಗುತ್ತಿದ್ದು, ವಾರದೊಳಗೆ ಕೊರತೆ ತೀವ್ರಗೊಳ್ಳಲಿದೆ ಎಂದು ವರ್ತಕರ ಸಂಘ ತಿಳಿಸಿದೆ. ಹಬ್ಬದ ಋತುವಿನ ಬೇಡಿಕೆ ನಿಭಾಯಿಸಲು ಆಮದುದಾರರು ಪರದಾಡುತ್ತಿದ್ದಾರೆ.
